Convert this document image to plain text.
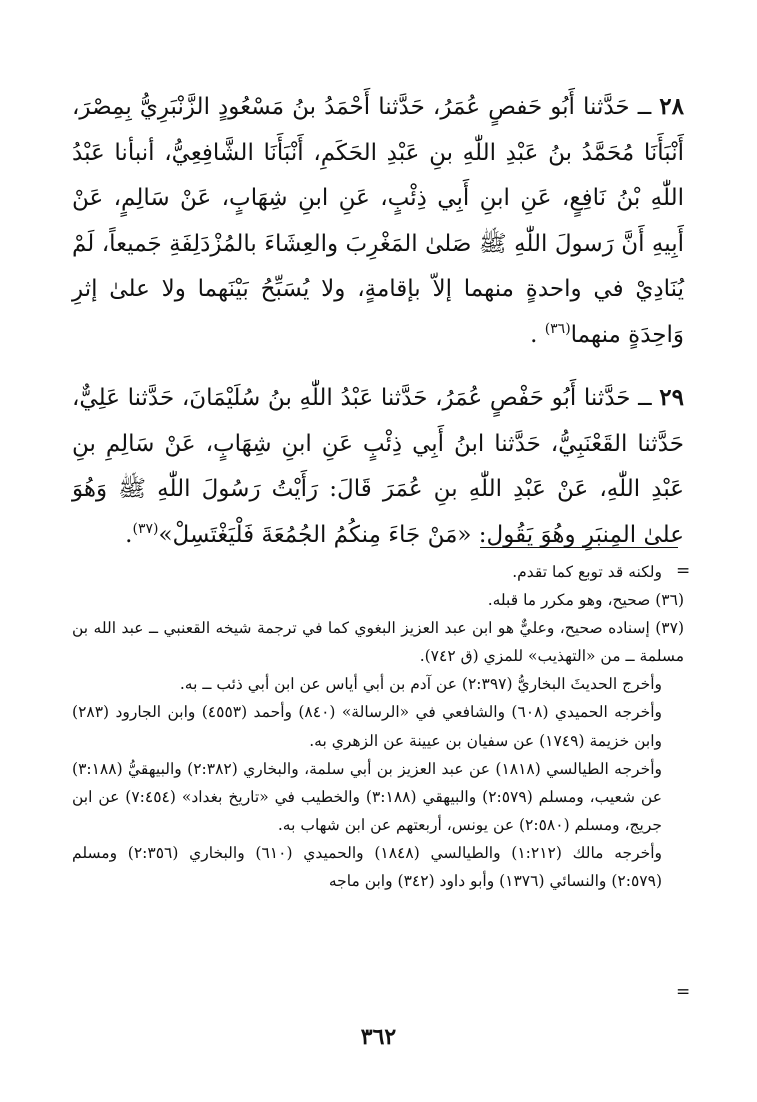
٢٨ ــ حَدَّثنا أَبُو حَفصٍ عُمَرُ، حَدَّثنا أَحْمَدُ بنُ مَسْعُودٍ الزَّنْبَرِيُّ بِمِصْرَ، أَنْبَأَنَا مُحَمَّدُ بنُ عَبْدِ اللّٰهِ بنِ عَبْدِ الحَكَمِ، أَنْبَأَنَا الشَّافِعِيُّ، أنبأنا عَبْدُ اللّٰهِ بْنُ نَافِعٍ، عَنِ ابنِ أَبِي ذِئْبٍ، عَنِ ابنِ شِهَابٍ، عَنْ سَالِمٍ، عَنْ أَبِيهِ أَنَّ رَسولَ اللّٰهِ ﷺ صَلىٰ المَغْرِبَ والعِشَاءَ بالمُزْدَلِفَةِ جَميعاً، لَمْ يُنَادِيْ في واحدةٍ منهما إلاّ بإقامةٍ، ولا يُسَبِّحُ بَيْنَهما ولا علىٰ إثرِ وَاحِدَةٍ منهما$^{(٣٦)}$ .

٢٩ ــ حَدَّثنا أَبُو حَفْصٍ عُمَرُ، حَدَّثنا عَبْدُ اللّٰهِ بنُ سُلَيْمَانَ، حَدَّثنا عَلِيٌّ، حَدَّثنا القَعْنَبِيُّ، حَدَّثنا ابنُ أَبِي ذِئْبٍ عَنِ ابنِ شِهَابٍ، عَنْ سَالِمِ بنِ عَبْدِ اللّٰهِ، عَنْ عَبْدِ اللّٰهِ بنِ عُمَرَ قَالَ: رَأَيْتُ رَسُولَ اللّٰهِ ﷺ وَهُوَ علىٰ المِنبَرِ وهُوَ يَقُول: «مَنْ جَاءَ مِنكُمُ الجُمُعَةَ فَلْيَغْتَسِلْ»$^{(٣٧)}$.

=

ولكنه قد توبع كما تقدم.

(٣٦) صحيح، وهو مكرر ما قبله.

(٣٧) إسناده صحيح، وعليٌّ هو ابن عبد العزيز البغوي كما في ترجمة شيخه القعنبي ــ عبد الله بن مسلمة ــ من «التهذيب» للمزي (ق ٧٤٢).

وأخرج الحديثَ البخاريُّ (٢:٣٩٧) عن آدم بن أبي أياس عن ابن أبي ذئب ــ به.

وأخرجه الحميدي (٦٠٨) والشافعي في «الرسالة» (٨٤٠) وأحمد (٤٥٥٣) وابن الجارود (٢٨٣) وابن خزيمة (١٧٤٩) عن سفيان بن عيينة عن الزهري به.

وأخرجه الطيالسي (١٨١٨) عن عبد العزيز بن أبي سلمة، والبخاري (٢:٣٨٢) والبيهقيُّ (٣:١٨٨) عن شعيب، ومسلم (٢:٥٧٩) والبيهقي (٣:١٨٨) والخطيب في «تاريخ بغداد» (٧:٤٥٤) عن ابن جريج، ومسلم (٢:٥٨٠) عن يونس، أربعتهم عن ابن شهاب به.

وأخرجه مالك (١:٢١٢) والطيالسي (١٨٤٨) والحميدي (٦١٠) والبخاري (٢:٣٥٦) ومسلم (٢:٥٧٩) والنسائي (١٣٧٦) وأبو داود (٣٤٢) وابن ماجه

=
٣٦٢
